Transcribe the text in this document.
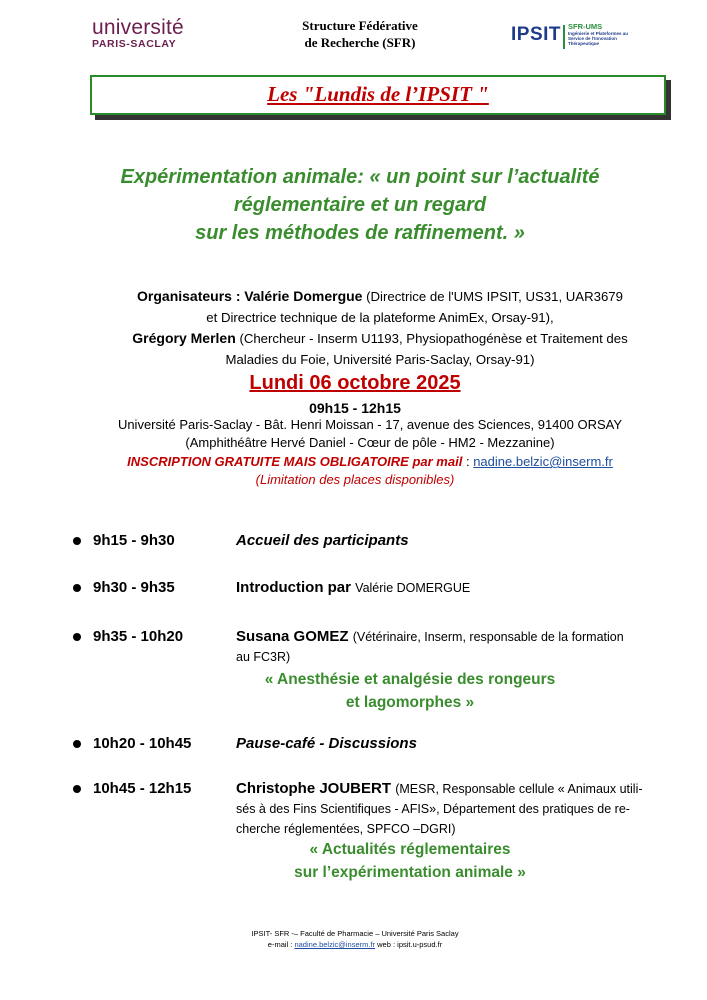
université
PARIS-SACLAY
Structure Fédérative
de Recherche (SFR)	IPSIT SFR-UMS
Ingénierie et Plateformes au Service de l'Innovation Thérapeutique
Les "Lundis de l’IPSIT "
Expérimentation animale: « un point sur l’actualité
réglementaire et un regard
sur les méthodes de raffinement. »
Organisateurs : Valérie Domergue (Directrice de l'UMS IPSIT, US31, UAR3679
et Directrice technique de la plateforme AnimEx, Orsay-91),
Grégory Merlen (Chercheur - Inserm U1193, Physiopathogénèse et Traitement des
Maladies du Foie, Université Paris-Saclay, Orsay-91)
Lundi 06 octobre 2025
09h15 - 12h15
Université Paris-Saclay - Bât. Henri Moissan - 17, avenue des Sciences, 91400 ORSAY
(Amphithéâtre Hervé Daniel - Cœur de pôle - HM2 - Mezzanine)
INSCRIPTION GRATUITE MAIS OBLIGATOIRE par mail : nadine.belzic@inserm.fr
(Limitation des places disponibles)
9h15 - 9h30	Accueil des participants
9h30 - 9h35	Introduction par Valérie DOMERGUE
9h35 - 10h20	Susana GOMEZ (Vétérinaire, Inserm, responsable de la formation
au FC3R)
« Anesthésie et analgésie des rongeurs
et lagomorphes »
10h20 - 10h45	Pause-café - Discussions
10h45 - 12h15	Christophe JOUBERT (MESR, Responsable cellule « Animaux utili-
sés à des Fins Scientifiques - AFIS», Département des pratiques de re-
cherche réglementées, SPFCO –DGRI)
« Actualités réglementaires
sur l’expérimentation animale »
IPSIT- SFR -– Faculté de Pharmacie – Université Paris Saclay
e-mail : nadine.belzic@inserm.fr web : ipsit.u-psud.fr
